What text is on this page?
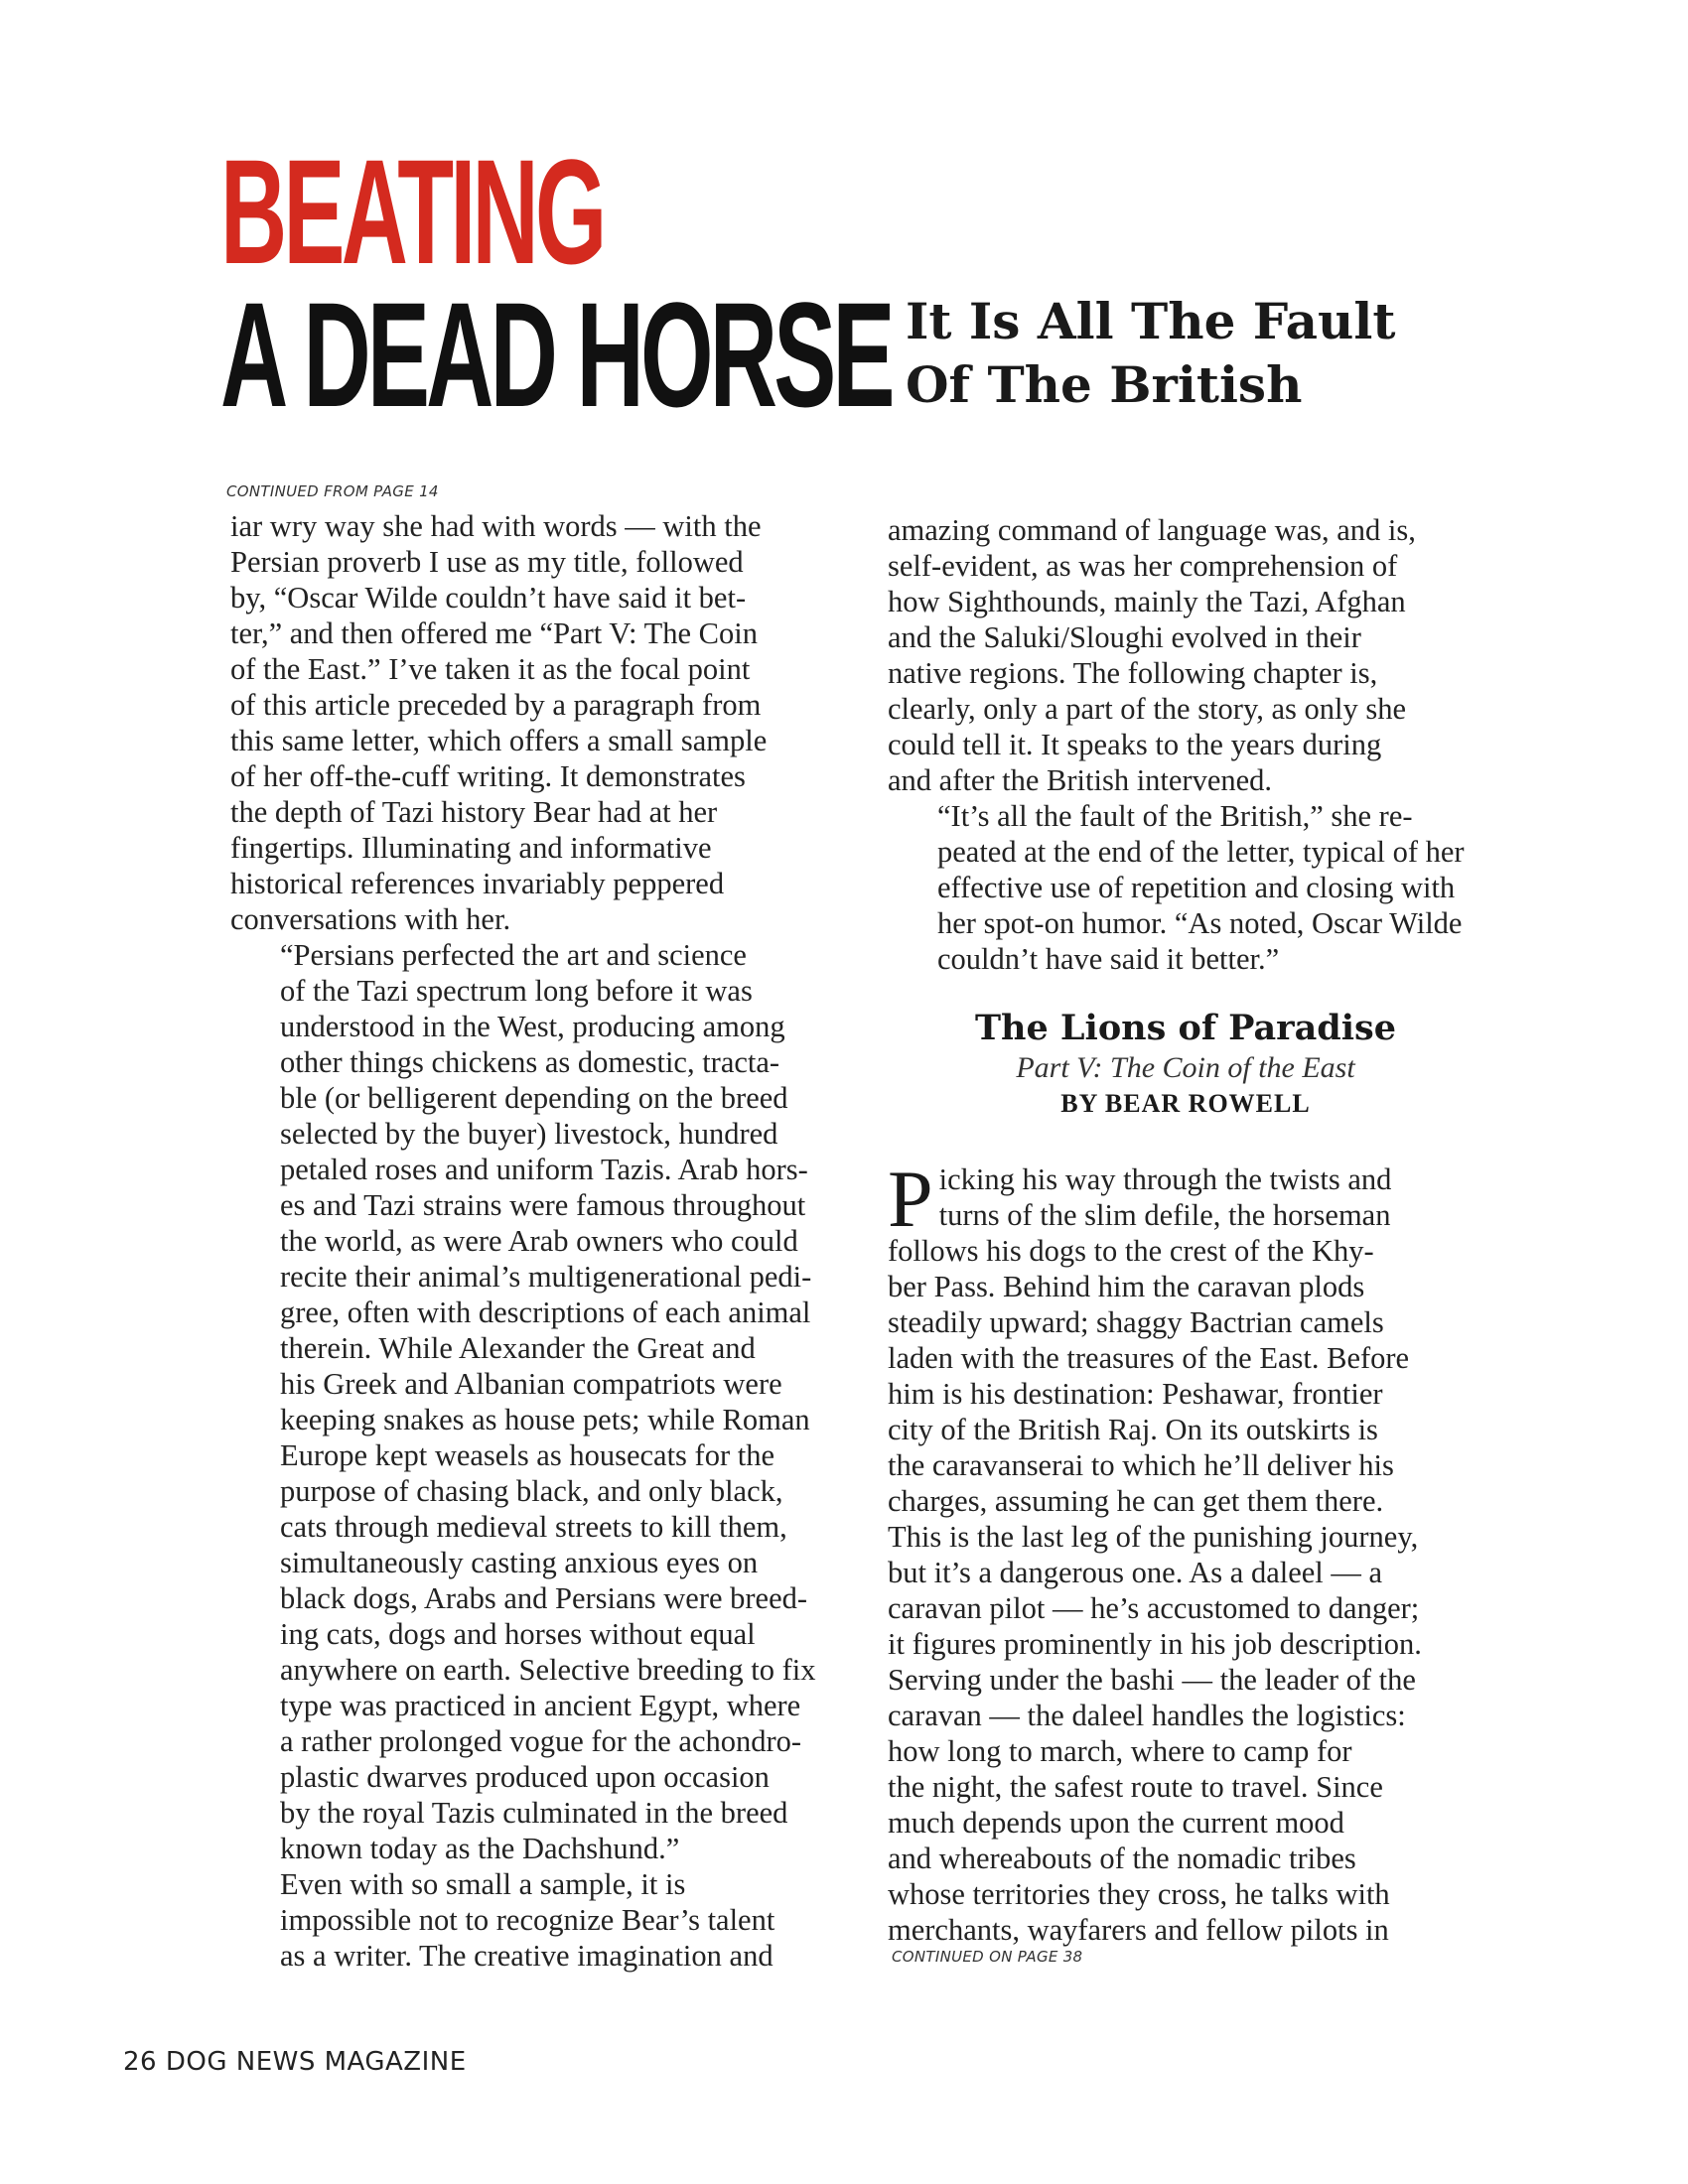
BEATING
A DEAD HORSE It Is All The Fault
Of The British
CONTINUED FROM PAGE 14

iar wry way she had with words — with the
Persian proverb I use as my title, followed
by, “Oscar Wilde couldn’t have said it bet-
ter,” and then offered me “Part V: The Coin
of the East.” I’ve taken it as the focal point
of this article preceded by a paragraph from
this same letter, which offers a small sample
of her off-the-cuff writing. It demonstrates
the depth of Tazi history Bear had at her
fingertips. Illuminating and informative
historical references invariably peppered
conversations with her.

“Persians perfected the art and science
of the Tazi spectrum long before it was
understood in the West, producing among
other things chickens as domestic, tracta-
ble (or belligerent depending on the breed
selected by the buyer) livestock, hundred
petaled roses and uniform Tazis. Arab hors-
es and Tazi strains were famous throughout
the world, as were Arab owners who could
recite their animal’s multigenerational pedi-
gree, often with descriptions of each animal
therein. While Alexander the Great and
his Greek and Albanian compatriots were
keeping snakes as house pets; while Roman
Europe kept weasels as housecats for the
purpose of chasing black, and only black,
cats through medieval streets to kill them,
simultaneously casting anxious eyes on
black dogs, Arabs and Persians were breed-
ing cats, dogs and horses without equal
anywhere on earth. Selective breeding to fix
type was practiced in ancient Egypt, where
a rather prolonged vogue for the achondro-
plastic dwarves produced upon occasion
by the royal Tazis culminated in the breed
known today as the Dachshund.”

Even with so small a sample, it is
impossible not to recognize Bear’s talent
as a writer. The creative imagination and

amazing command of language was, and is,
self-evident, as was her comprehension of
how Sighthounds, mainly the Tazi, Afghan
and the Saluki/Sloughi evolved in their
native regions. The following chapter is,
clearly, only a part of the story, as only she
could tell it. It speaks to the years during
and after the British intervened.

“It’s all the fault of the British,” she re-
peated at the end of the letter, typical of her
effective use of repetition and closing with
her spot-on humor. “As noted, Oscar Wilde
couldn’t have said it better.”

The Lions of Paradise
Part V: The Coin of the East
BY BEAR ROWELL

P icking his way through the twists and
turns of the slim defile, the horseman
follows his dogs to the crest of the Khy-
ber Pass. Behind him the caravan plods
steadily upward; shaggy Bactrian camels
laden with the treasures of the East. Before
him is his destination: Peshawar, frontier
city of the British Raj. On its outskirts is
the caravanserai to which he’ll deliver his
charges, assuming he can get them there.
This is the last leg of the punishing journey,
but it’s a dangerous one. As a daleel — a
caravan pilot — he’s accustomed to danger;
it figures prominently in his job description.
Serving under the bashi — the leader of the
caravan — the daleel handles the logistics:
how long to march, where to camp for
the night, the safest route to travel. Since
much depends upon the current mood
and whereabouts of the nomadic tribes
whose territories they cross, he talks with
merchants, wayfarers and fellow pilots in

CONTINUED ON PAGE 38
26 DOG NEWS MAGAZINE
